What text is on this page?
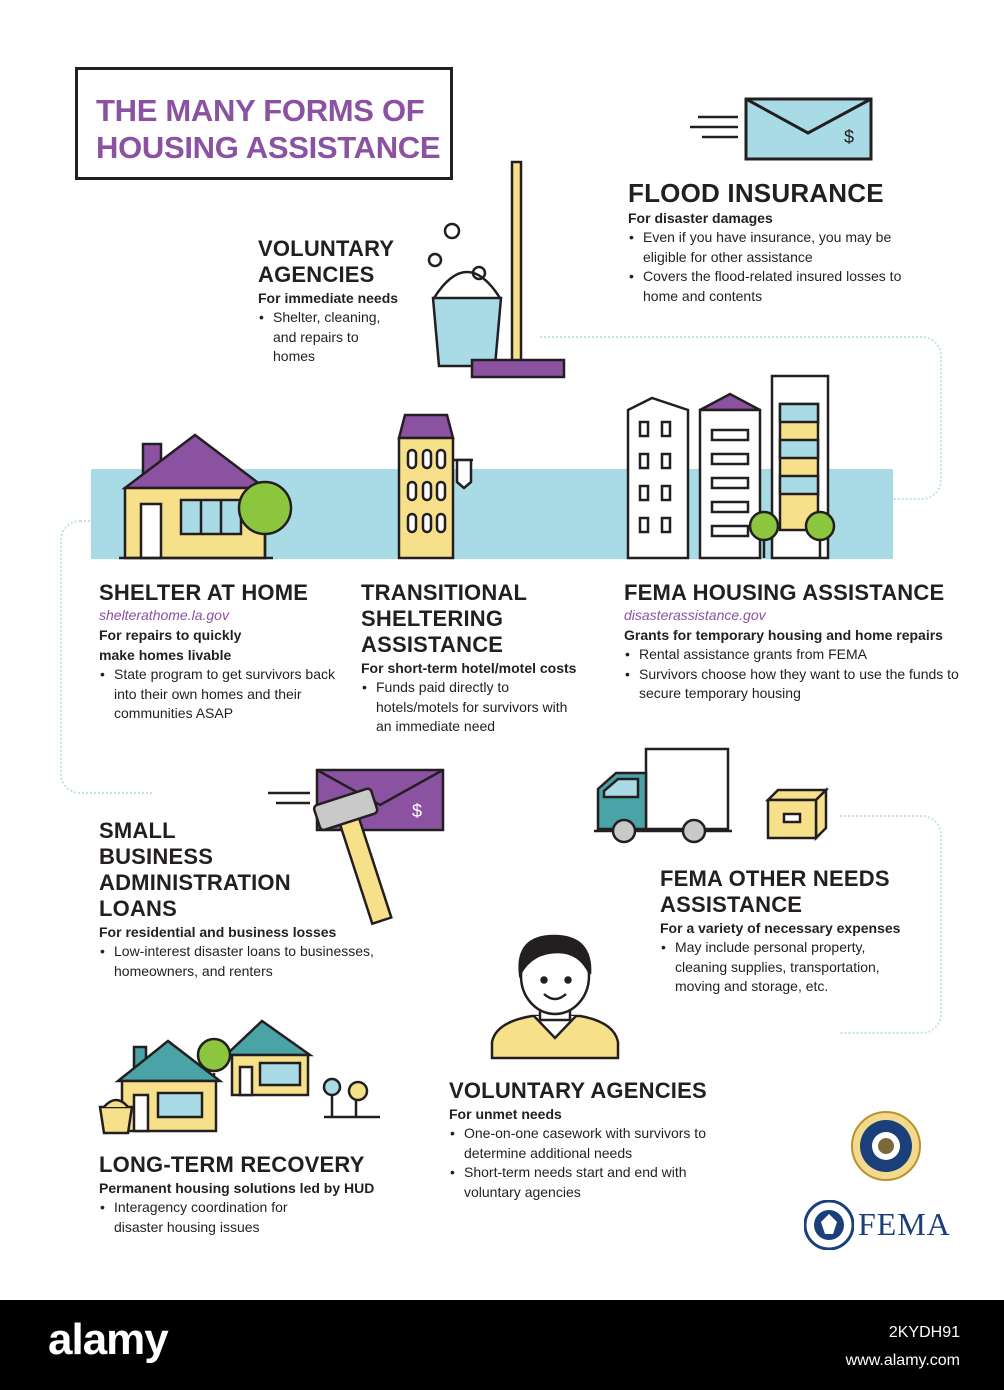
THE MANY FORMS OF
HOUSING ASSISTANCE	$
FLOOD INSURANCE
For disaster damages
• Even if you have insurance, you may be eligible for other assistance
• Covers the flood-related insured losses to home and contents
VOLUNTARY
AGENCIES
For immediate needs
• Shelter, cleaning, and repairs to homes
SHELTER AT HOME
shelterathome.la.gov
For repairs to quickly
make homes livable
• State program to get survivors back into their own homes and their communities ASAP
TRANSITIONAL
SHELTERING
ASSISTANCE
For short-term hotel/motel costs
• Funds paid directly to hotels/motels for survivors with an immediate need
FEMA HOUSING ASSISTANCE
disasterassistance.gov
Grants for temporary housing and home repairs
• Rental assistance grants from FEMA
• Survivors choose how they want to use the funds to secure temporary housing
$
SMALL
BUSINESS
ADMINISTRATION
LOANS
For residential and business losses
• Low-interest disaster loans to businesses, homeowners, and renters
FEMA OTHER NEEDS
ASSISTANCE
For a variety of necessary expenses
• May include personal property, cleaning supplies, transportation, moving and storage, etc.
VOLUNTARY AGENCIES
For unmet needs
• One-on-one casework with survivors to determine additional needs
• Short-term needs start and end with voluntary agencies
LONG-TERM RECOVERY
Permanent housing solutions led by HUD
• Interagency coordination for disaster housing issues	FEMA
alamy	2KYDH91
www.alamy.com
